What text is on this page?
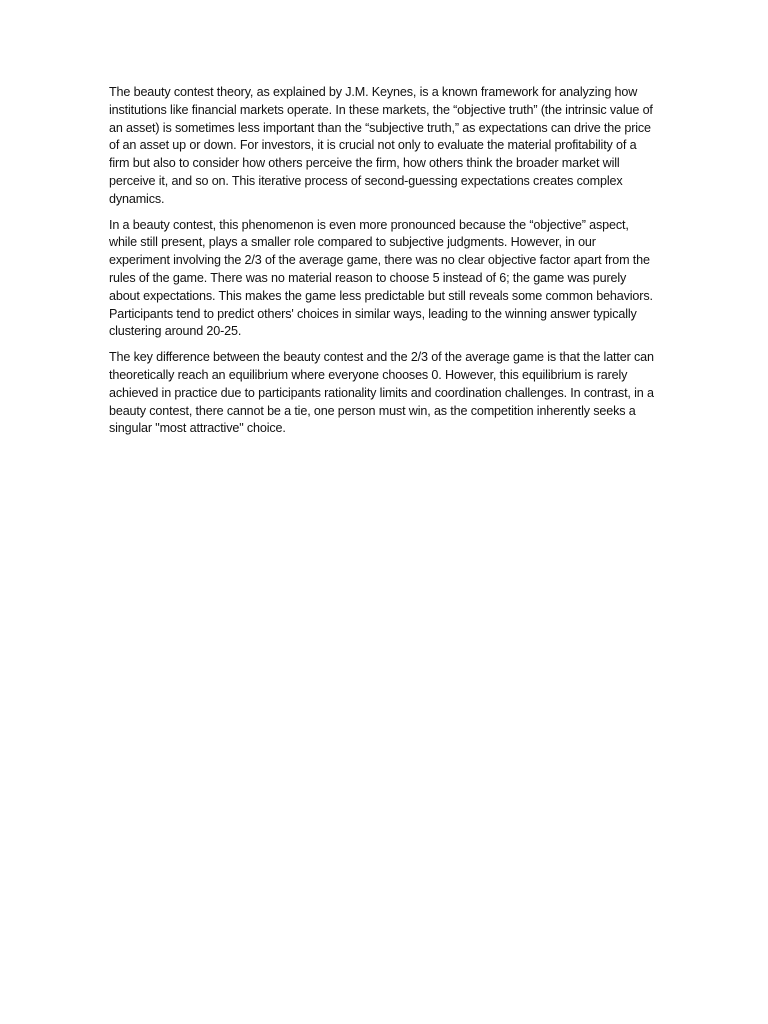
The beauty contest theory, as explained by J.M. Keynes, is a known framework for analyzing how institutions like financial markets operate. In these markets, the “objective truth” (the intrinsic value of an asset) is sometimes less important than the “subjective truth,” as expectations can drive the price of an asset up or down. For investors, it is crucial not only to evaluate the material profitability of a firm but also to consider how others perceive the firm, how others think the broader market will perceive it, and so on. This iterative process of second-guessing expectations creates complex dynamics.

In a beauty contest, this phenomenon is even more pronounced because the “objective” aspect, while still present, plays a smaller role compared to subjective judgments. However, in our experiment involving the 2/3 of the average game, there was no clear objective factor apart from the rules of the game. There was no material reason to choose 5 instead of 6; the game was purely about expectations. This makes the game less predictable but still reveals some common behaviors. Participants tend to predict others' choices in similar ways, leading to the winning answer typically clustering around 20-25.

The key difference between the beauty contest and the 2/3 of the average game is that the latter can theoretically reach an equilibrium where everyone chooses 0. However, this equilibrium is rarely achieved in practice due to participants rationality limits and coordination challenges. In contrast, in a beauty contest, there cannot be a tie, one person must win, as the competition inherently seeks a singular "most attractive" choice.
